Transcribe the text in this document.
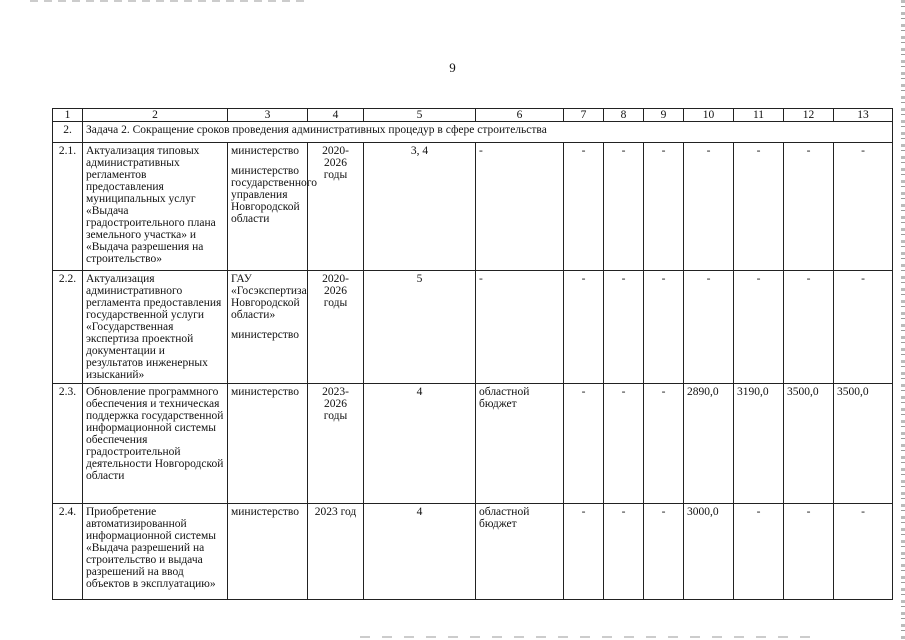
9
1	2	3	4	5	6	7	8	9	10	11	12	13
2.	Задача 2. Сокращение сроков проведения административных процедур в сфере строительства											
2.1.	Актуализация типовых административных регламентов предоставления муниципальных услуг «Выдача градостроительного плана земельного участка» и «Выдача разрешения на строительство»	министерство
министерство государственного управления Новгородской области	2020-2026 годы	3, 4	-	-	-	-	-	-	-	-
2.2.	Актуализация административного регламента предоставления государственной услуги «Государственная экспертиза проектной документации и результатов инженерных изысканий»	ГАУ «Госэкспертиза Новгородской области»
министерство	2020-2026 годы	5	-	-	-	-	-	-	-	-
2.3.	Обновление программного обеспечения и техническая поддержка государственной информационной системы обеспечения градостроительной деятельности Новгородской области	министерство	2023-2026 годы	4	областной бюджет	-	-	-	2890,0	3190,0	3500,0	3500,0
2.4.	Приобретение автоматизированной информационной системы «Выдача разрешений на строительство и выдача разрешений на ввод объектов в эксплуатацию»	министерство	2023 год	4	областной бюджет	-	-	-	3000,0	-	-	-
